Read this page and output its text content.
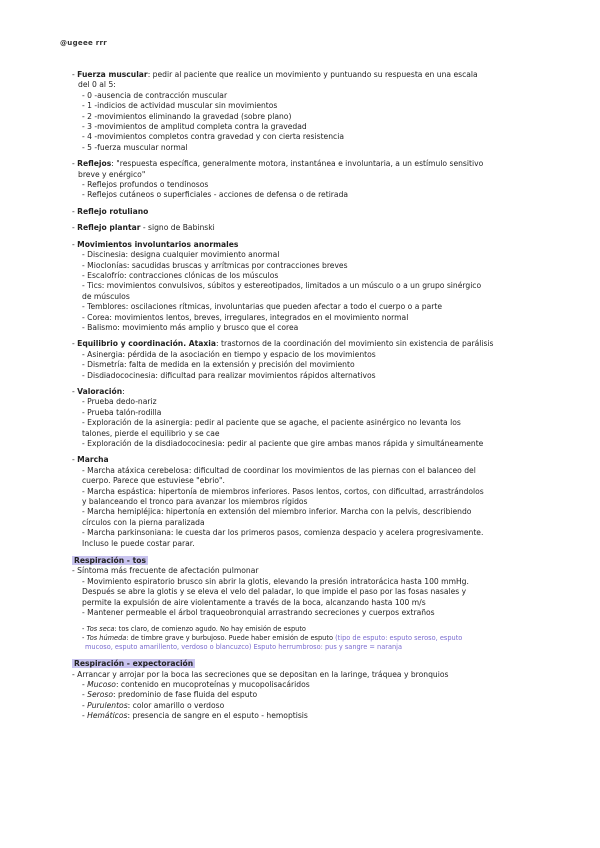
@ugeee rrr
- Fuerza muscular: pedir al paciente que realice un movimiento y puntuando su respuesta en una escala
del 0 al 5:
- 0 -ausencia de contracción muscular
- 1 -indicios de actividad muscular sin movimientos
- 2 -movimientos eliminando la gravedad (sobre plano)
- 3 -movimientos de amplitud completa contra la gravedad
- 4 -movimientos completos contra gravedad y con cierta resistencia
- 5 -fuerza muscular normal
- Reflejos: "respuesta específica, generalmente motora, instantánea e involuntaria, a un estímulo sensitivo
breve y enérgico"
- Reflejos profundos o tendinosos
- Reflejos cutáneos o superficiales - acciones de defensa o de retirada
- Reflejo rotuliano
- Reflejo plantar - signo de Babinski
- Movimientos involuntarios anormales
- Discinesia: designa cualquier movimiento anormal
- Mioclonías: sacudidas bruscas y arrítmicas por contracciones breves
- Escalofrío: contracciones clónicas de los músculos
- Tics: movimientos convulsivos, súbitos y estereotipados, limitados a un músculo o a un grupo sinérgico
de músculos
- Temblores: oscilaciones rítmicas, involuntarias que pueden afectar a todo el cuerpo o a parte
- Corea: movimientos lentos, breves, irregulares, integrados en el movimiento normal
- Balismo: movimiento más amplio y brusco que el corea
- Equilibrio y coordinación. Ataxia: trastornos de la coordinación del movimiento sin existencia de parálisis
- Asinergia: pérdida de la asociación en tiempo y espacio de los movimientos
- Dismetría: falta de medida en la extensión y precisión del movimiento
- Disdiadococinesia: dificultad para realizar movimientos rápidos alternativos
- Valoración:
- Prueba dedo-nariz
- Prueba talón-rodilla
- Exploración de la asinergia: pedir al paciente que se agache, el paciente asinérgico no levanta los
talones, pierde el equilibrio y se cae
- Exploración de la disdiadococinesia: pedir al paciente que gire ambas manos rápida y simultáneamente
- Marcha
- Marcha atáxica cerebelosa: dificultad de coordinar los movimientos de las piernas con el balanceo del
cuerpo. Parece que estuviese "ebrio".
- Marcha espástica: hipertonía de miembros inferiores. Pasos lentos, cortos, con dificultad, arrastrándolos
y balanceando el tronco para avanzar los miembros rígidos
- Marcha hemipléjica: hipertonía en extensión del miembro inferior. Marcha con la pelvis, describiendo
círculos con la pierna paralizada
- Marcha parkinsoniana: le cuesta dar los primeros pasos, comienza despacio y acelera progresivamente.
Incluso le puede costar parar.
Respiración - tos
- Síntoma más frecuente de afectación pulmonar
- Movimiento espiratorio brusco sin abrir la glotis, elevando la presión intratorácica hasta 100 mmHg.
Después se abre la glotis y se eleva el velo del paladar, lo que impide el paso por las fosas nasales y
permite la expulsión de aire violentamente a través de la boca, alcanzando hasta 100 m/s
- Mantener permeable el árbol traqueobronquial arrastrando secreciones y cuerpos extraños
- Tos seca: tos claro, de comienzo agudo. No hay emisión de esputo
- Tos húmeda: de timbre grave y burbujoso. Puede haber emisión de esputo (tipo de esputo: esputo seroso, esputo
mucoso, esputo amarillento, verdoso o blancuzco) Esputo herrumbroso: pus y sangre = naranja
Respiración - expectoración
- Arrancar y arrojar por la boca las secreciones que se depositan en la laringe, tráquea y bronquios
- Mucoso: contenido en mucoproteínas y mucopolisacáridos
- Seroso: predominio de fase fluida del esputo
- Purulentos: color amarillo o verdoso
- Hemáticos: presencia de sangre en el esputo - hemoptisis
